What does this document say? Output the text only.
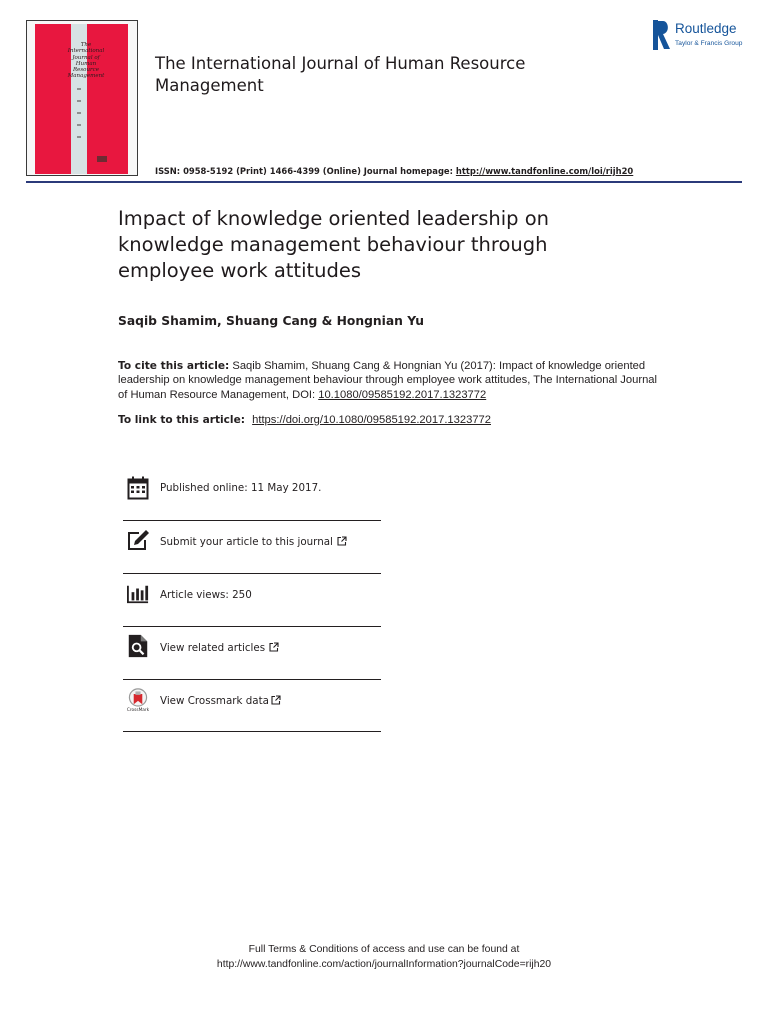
The
International
Journal of
Human
Resource
Management
The International Journal of Human Resource Management
Routledge
Taylor & Francis Group
ISSN: 0958-5192 (Print) 1466-4399 (Online) Journal homepage: http://www.tandfonline.com/loi/rijh20
Impact of knowledge oriented leadership on knowledge management behaviour through employee work attitudes
Saqib Shamim, Shuang Cang & Hongnian Yu
To cite this article: Saqib Shamim, Shuang Cang & Hongnian Yu (2017): Impact of knowledge oriented leadership on knowledge management behaviour through employee work attitudes, The International Journal of Human Resource Management, DOI: 10.1080/09585192.2017.1323772
To link to this article: https://doi.org/10.1080/09585192.2017.1323772
Published online: 11 May 2017.
Submit your article to this journal
Article views: 250
View related articles
CrossMark
View Crossmark data
Full Terms & Conditions of access and use can be found at
http://www.tandfonline.com/action/journalInformation?journalCode=rijh20
